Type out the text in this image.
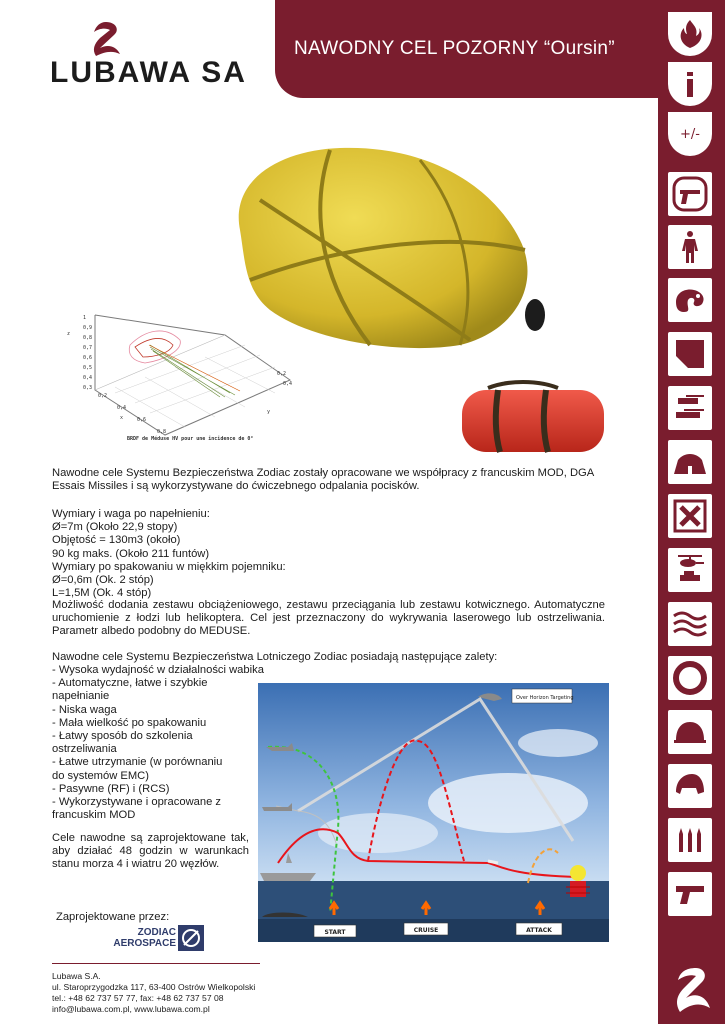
LUBAWA SA
NAWODNY CEL POZORNY “Oursin”
+/-
1
0,9
0,8
0,7
0,6
0,5
0,4
0,3
z
0,2
0,4
0,6
0,8
x
0,2
0,4
y
BRDF de Méduse HV pour une incidence de 0°
Nawodne cele Systemu Bezpieczeństwa Zodiac zostały opracowane we współpracy z francuskim MOD, DGA Essais Missiles i są wykorzystywane do ćwiczebnego odpalania pocisków.
Wymiary i waga po napełnieniu:
Ø=7m (Około 22,9 stopy)
Objętość = 130m3 (około)
90 kg maks. (Około 211 funtów)
Wymiary po spakowaniu w miękkim pojemniku:
Ø=0,6m (Ok. 2 stóp)
L=1,5M (Ok. 4 stóp)
Możliwość dodania zestawu obciążeniowego, zestawu przeciągania lub zestawu kotwicznego. Automatyczne uruchomienie z łodzi lub helikoptera. Cel jest przeznaczony do wykrywania laserowego lub ostrzeliwania. Parametr albedo podobny do MEDUSE.
Nawodne cele Systemu Bezpieczeństwa Lotniczego Zodiac posiadają następujące zalety:
- Wysoka wydajność w działalności wabika
- Automatyczne, łatwe i szybkie
napełnianie
- Niska waga
- Mała wielkość po spakowaniu
- Łatwy sposób do szkolenia
ostrzeliwania
- Łatwe utrzymanie (w porównaniu
do systemów EMC)
- Pasywne (RF) i (RCS)
- Wykorzystywane i opracowane z
francuskim MOD
Cele nawodne są zaprojektowane tak, aby działać 48 godzin w warunkach stanu morza 4 i wiatru 20 węzłów.
Zaprojektowane przez:
ZODIAC
AEROSPACE
Over Horizon Targeting
START	CRUISE	ATTACK
Lubawa S.A.
ul. Staroprzygodzka 117, 63-400 Ostrów Wielkopolski
tel.: +48 62 737 57 77, fax: +48 62 737 57 08
info@lubawa.com.pl, www.lubawa.com.pl
